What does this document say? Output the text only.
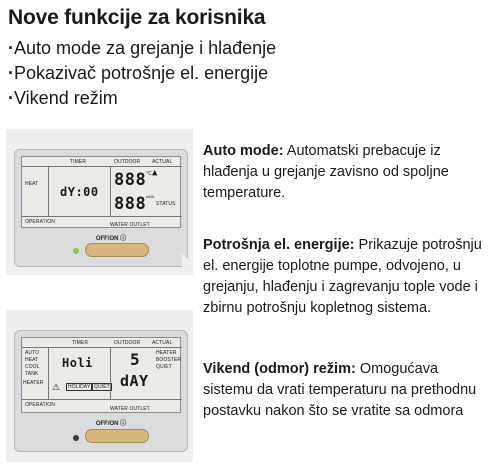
Nove funkcije za korisnika
· Auto mode za grejanje i hlađenje
· Pokazivač potrošnje el. energije
· Vikend režim
TIMER	OUTDOOR ACTUAL
HEAT
dY:00
888 °C ▲
888 kWh
STATUS
OPERATION	WATER OUTLET
OFF/ON ⓘ
TIMER	OUTDOOR ACTUAL
AUTO
HEAT
COOL
TANK
HEATER
Holi
⚠	HOLIDAY QUIET
5
dAY
HEATER
BOOSTER
QUIET
OPERATION
WATER OUTLET
OFF/ON ⓘ
Auto mode: Automatski prebacuje iz hlađenja u grejanje zavisno od spoljne temperature.
Potrošnja el. energije: Prikazuje potrošnju el. energije toplotne pumpe, odvojeno, u grejanju, hlađenju i zagrevanju tople vode i zbirnu potrošnju kopletnog sistema.
Vikend (odmor) režim: Omogućava sistemu da vrati temperaturu na prethodnu postavku nakon što se vratite sa odmora
